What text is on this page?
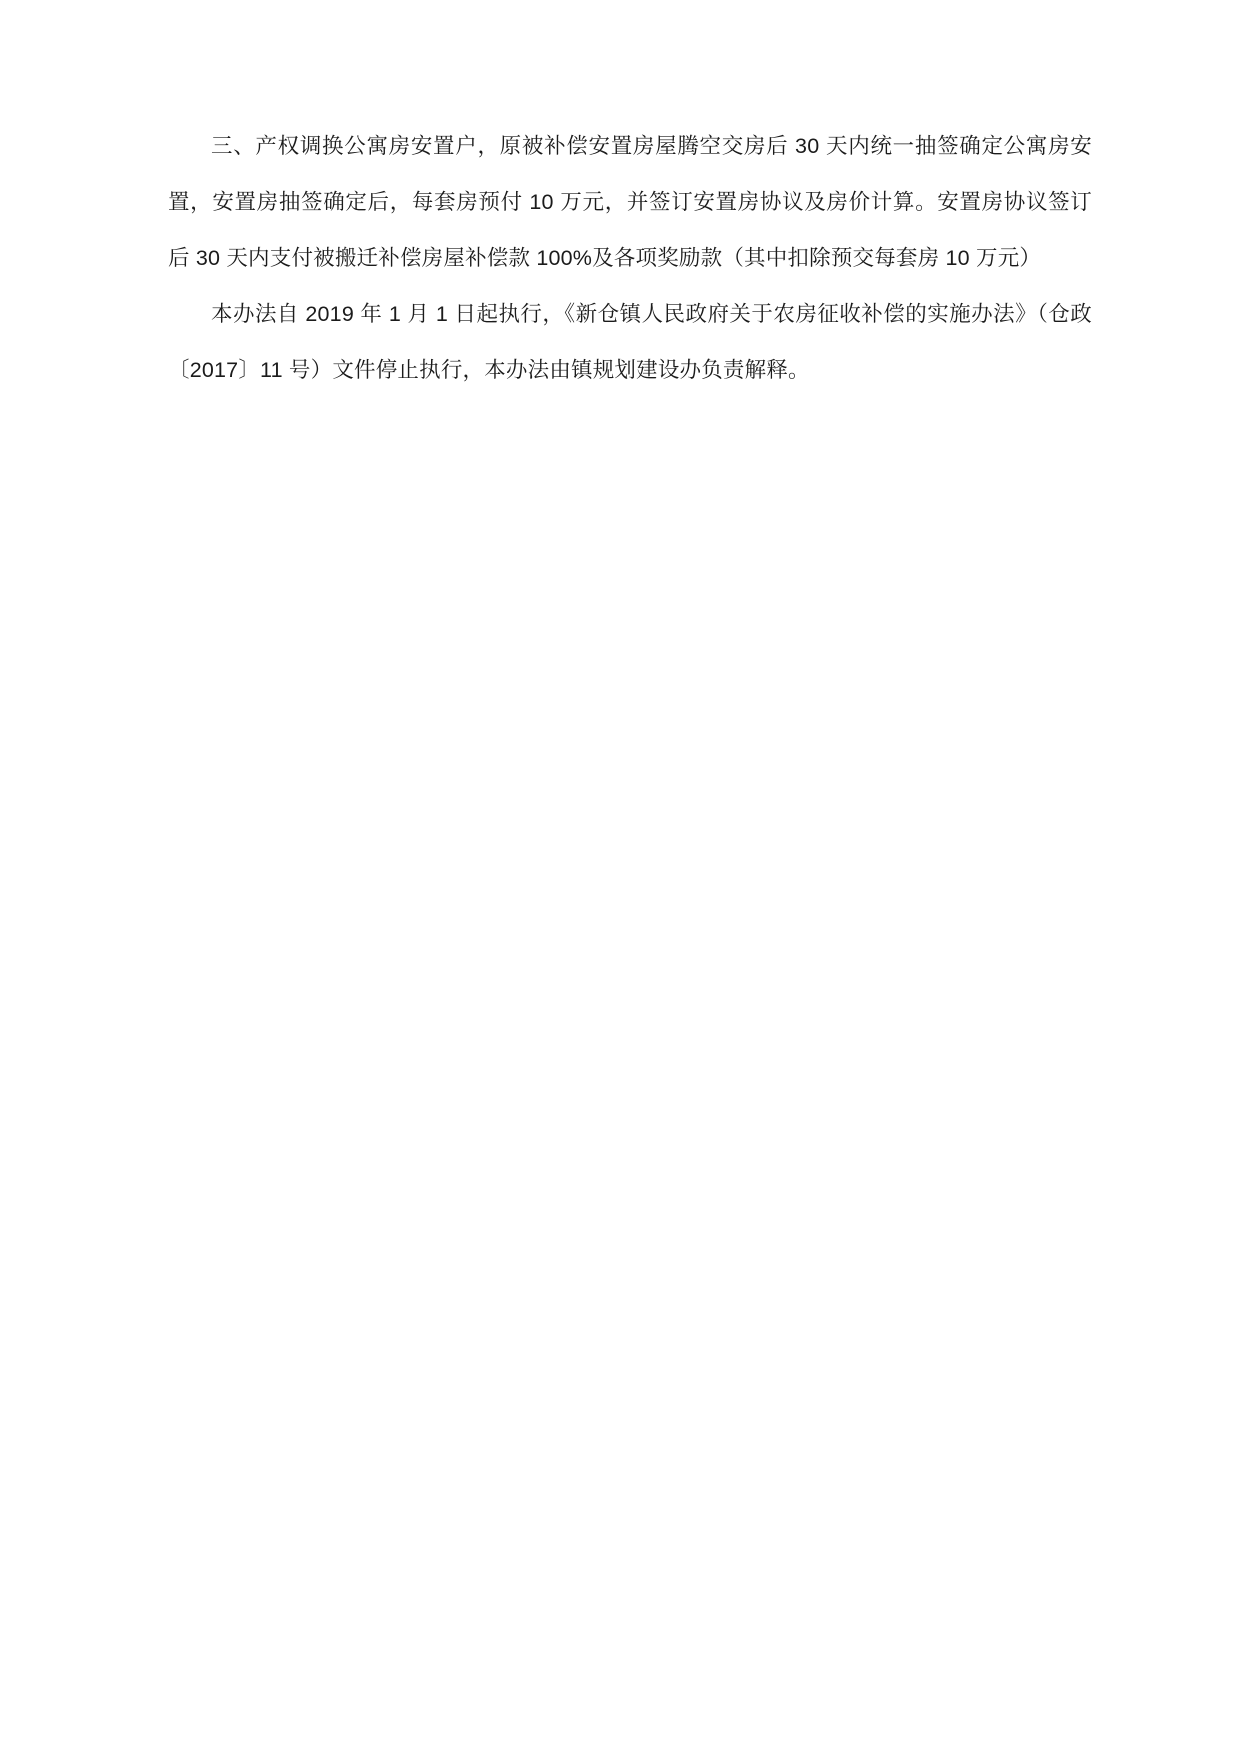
三、产权调换公寓房安置户，原被补偿安置房屋腾空交房后 30 天内统一抽签确定公寓房安置，安置房抽签确定后，每套房预付 10 万元，并签订安置房协议及房价计算。安置房协议签订后 30 天内支付被搬迁补偿房屋补偿款 100%及各项奖励款（其中扣除预交每套房 10 万元）

本办法自 2019 年 1 月 1 日起执行，《新仓镇人民政府关于农房征收补偿的实施办法》（仓政〔2017〕11 号）文件停止执行，本办法由镇规划建设办负责解释。
